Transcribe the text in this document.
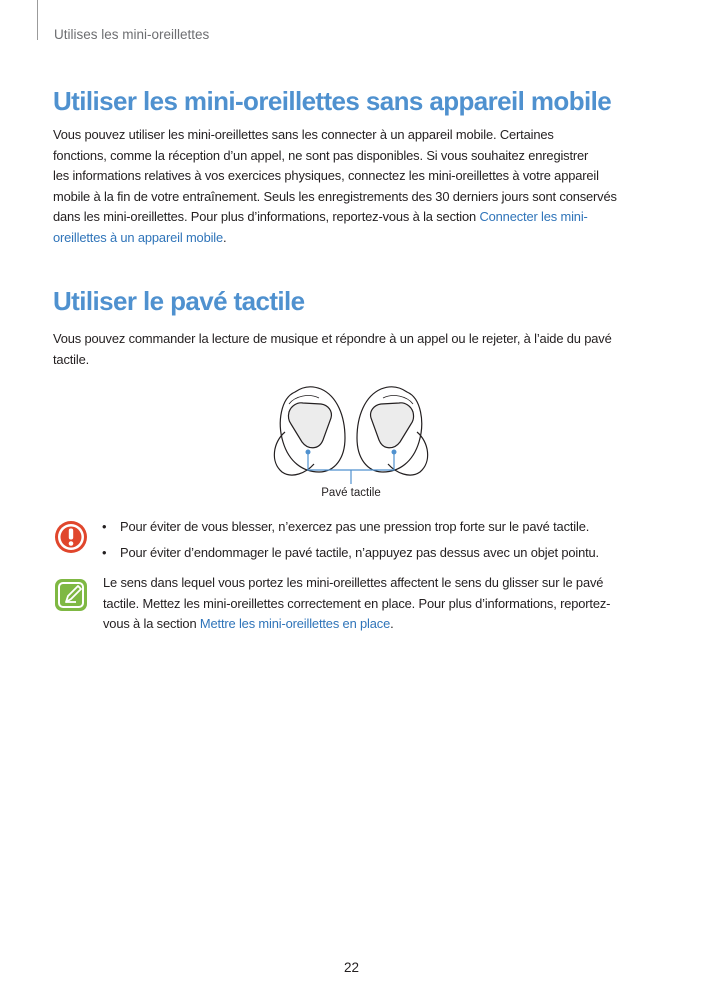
Utilises les mini-oreillettes
Utiliser les mini-oreillettes sans appareil mobile

Vous pouvez utiliser les mini-oreillettes sans les connecter à un appareil mobile. Certaines
fonctions, comme la réception d’un appel, ne sont pas disponibles. Si vous souhaitez enregistrer
les informations relatives à vos exercices physiques, connectez les mini-oreillettes à votre appareil
mobile à la fin de votre entraînement. Seuls les enregistrements des 30 derniers jours sont conservés
dans les mini-oreillettes. Pour plus d’informations, reportez-vous à la section Connecter les mini-
oreillettes à un appareil mobile.

Utiliser le pavé tactile

Vous pouvez commander la lecture de musique et répondre à un appel ou le rejeter, à l’aide du pavé
tactile.

Pavé tactile
• Pour éviter de vous blesser, n’exercez pas une pression trop forte sur le pavé tactile.
• Pour éviter d’endommager le pavé tactile, n’appuyez pas dessus avec un objet pointu.

Le sens dans lequel vous portez les mini-oreillettes affectent le sens du glisser sur le pavé
tactile. Mettez les mini-oreillettes correctement en place. Pour plus d’informations, reportez-
vous à la section Mettre les mini-oreillettes en place.

22
